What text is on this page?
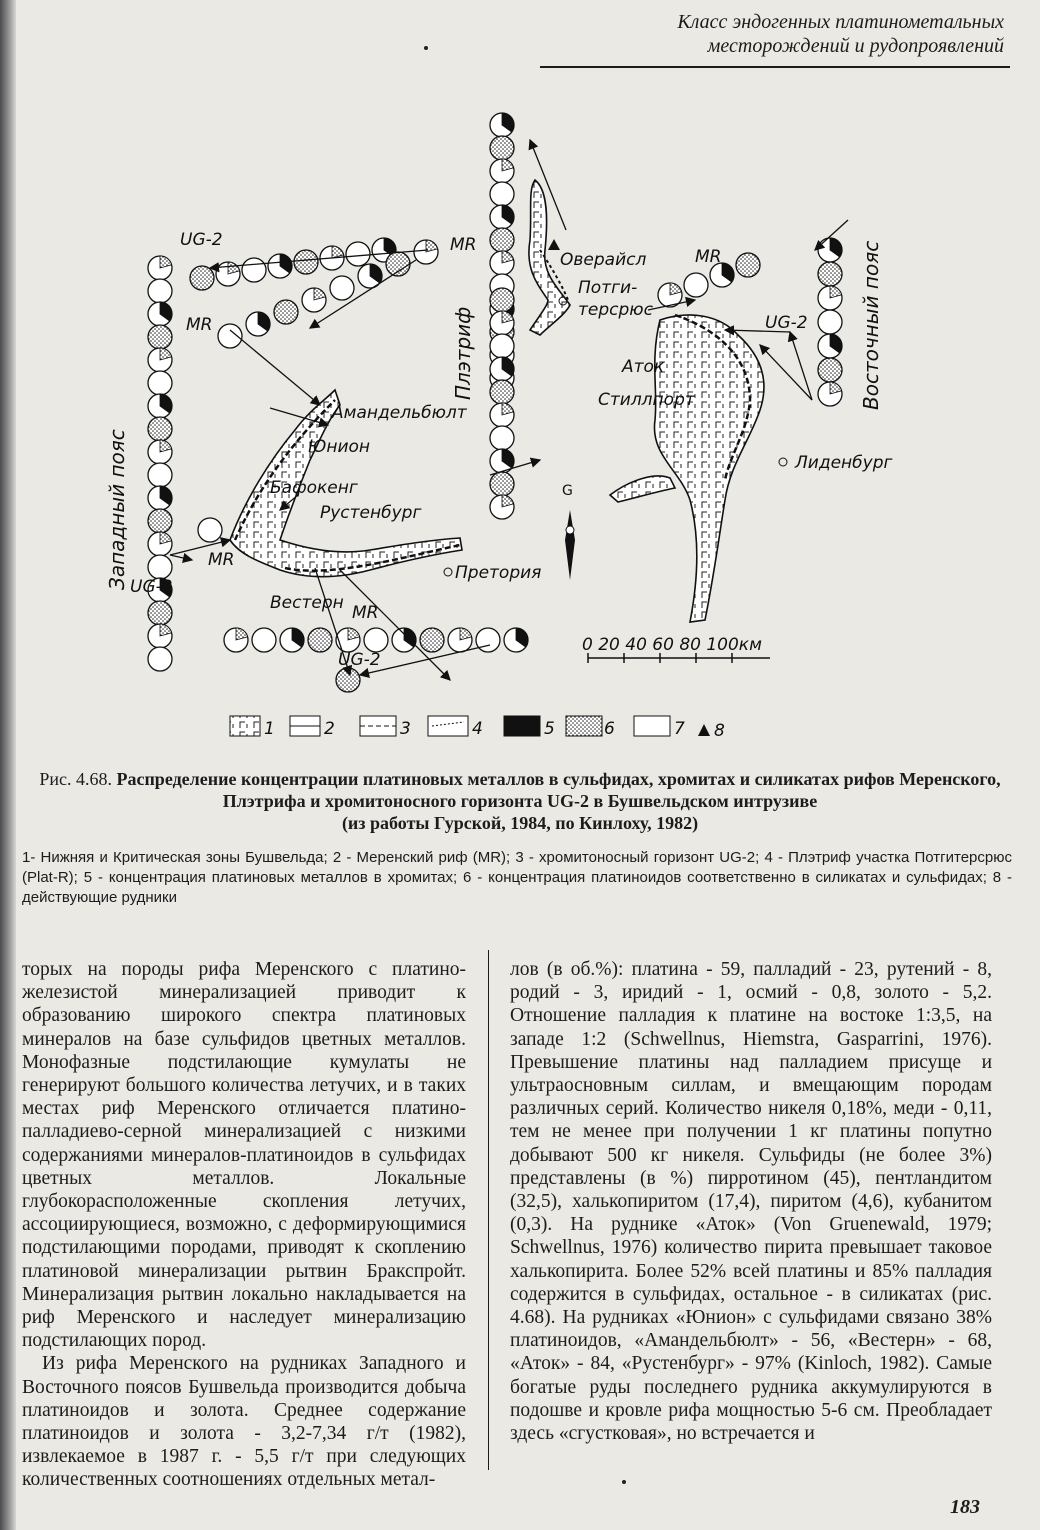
Класс эндогенных платинометальных
месторождений и рудопроявлений
UG-2	MR
MR
MR
UG-2
Западный пояс
Плэтриф	Восточный пояс
Оверайсл
Потги-
терсрюс
MR
UG-2
Аток
Стиллпорт
Лиденбург
Амандельбюлт
Юнион
Бафокенг
Рустенбург
Претория
Вестерн MR
UG-2
G
0 20 40 60 80 100км
1	2	3	4	5	6	7 8
Рис. 4.68. Распределение концентрации платиновых металлов в сульфидах, хромитах и силикатах рифов Меренского, Плэтрифа и хромитоносного горизонта UG-2 в Бушвельдском интрузиве
(из работы Гурской, 1984, по Кинлоху, 1982)
1- Нижняя и Критическая зоны Бушвельда; 2 - Меренский риф (MR); 3 - хромитоносный горизонт UG-2; 4 - Плэтриф участка Потгитерсрюс (Plat-R); 5 - концентрация платиновых металлов в хромитах; 6 - концентрация платиноидов соответственно в силикатах и сульфидах; 8 - действующие рудники

торых на породы рифа Меренского с платино-железистой минерализацией приводит к образованию широкого спектра платиновых минералов на базе сульфидов цветных металлов. Монофазные подстилающие кумулаты не генерируют большого количества летучих, и в таких местах риф Меренского отличается платино-палладиево-серной минерализацией с низкими содержаниями минералов-платиноидов в сульфидах цветных металлов. Локальные глубокорасположенные скопления летучих, ассоциирующиеся, возможно, с деформирующимися подстилающими породами, приводят к скоплению платиновой минерализации рытвин Бракспройт. Минерализация рытвин локально накладывается на риф Меренского и наследует минерализацию подстилающих пород.

Из рифа Меренского на рудниках Западного и Восточного поясов Бушвельда производится добыча платиноидов и золота. Среднее содержание платиноидов и золота - 3,2-7,34 г/т (1982), извлекаемое в 1987 г. - 5,5 г/т при следующих количественных соотношениях отдельных метал-

лов (в об.%): платина - 59, палладий - 23, рутений - 8, родий - 3, иридий - 1, осмий - 0,8, золото - 5,2. Отношение палладия к платине на востоке 1:3,5, на западе 1:2 (Schwellnus, Hiemstra, Gasparrini, 1976). Превышение платины над палладием присуще и ультраосновным силлам, и вмещающим породам различных серий. Количество никеля 0,18%, меди - 0,11, тем не менее при получении 1 кг платины попутно добывают 500 кг никеля. Сульфиды (не более 3%) представлены (в %) пирротином (45), пентландитом (32,5), халькопиритом (17,4), пиритом (4,6), кубанитом (0,3). На руднике «Аток» (Von Gruenewald, 1979; Schwellnus, 1976) количество пирита превышает таковое халькопирита. Более 52% всей платины и 85% палладия содержится в сульфидах, остальное - в силикатах (рис. 4.68). На рудниках «Юнион» с сульфидами связано 38% платиноидов, «Амандельбюлт» - 56, «Вестерн» - 68, «Аток» - 84, «Рустенбург» - 97% (Kinloch, 1982). Самые богатые руды последнего рудника аккумулируются в подошве и кровле рифа мощностью 5-6 см. Преобладает здесь «сгустковая», но встречается и

183
